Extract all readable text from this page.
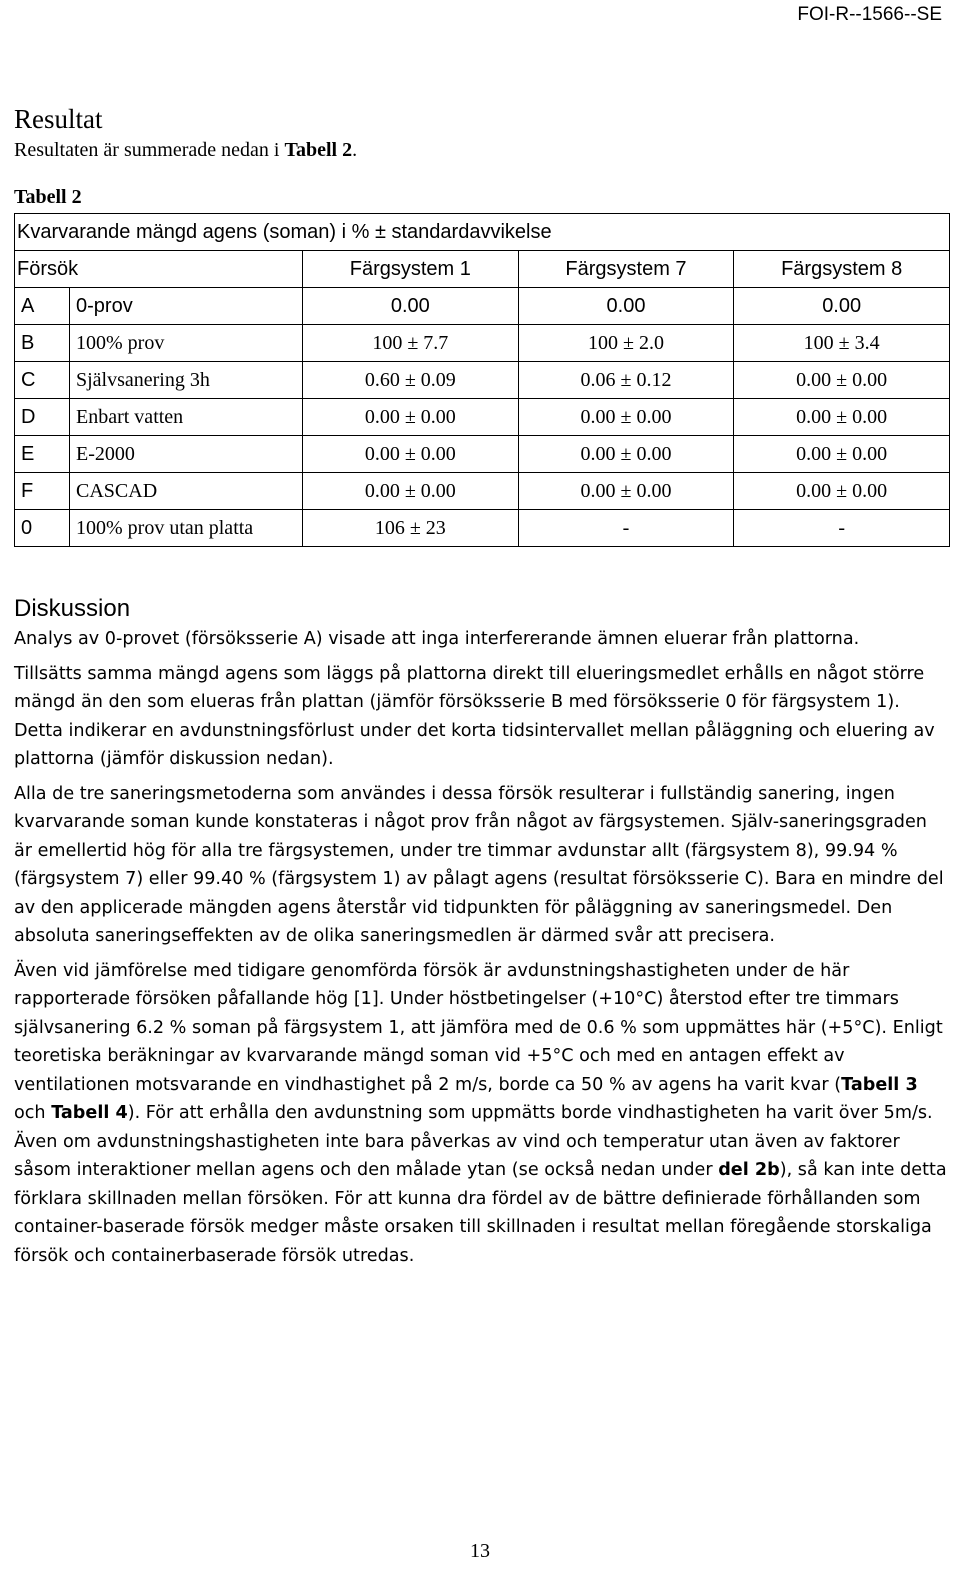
FOI-R--1566--SE
Resultat

Resultaten är summerade nedan i Tabell 2.

Tabell 2

Kvarvarande mängd agens (soman) i % ± standardavvikelse				
Försök		Färgsystem 1	Färgsystem 7	Färgsystem 8
A	0-prov	0.00	0.00	0.00
B	100% prov	100 ± 7.7	100 ± 2.0	100 ± 3.4
C	Självsanering 3h	0.60 ± 0.09	0.06 ± 0.12	0.00 ± 0.00
D	Enbart vatten	0.00 ± 0.00	0.00 ± 0.00	0.00 ± 0.00
E	E-2000	0.00 ± 0.00	0.00 ± 0.00	0.00 ± 0.00
F	CASCAD	0.00 ± 0.00	0.00 ± 0.00	0.00 ± 0.00
0	100% prov utan platta	106 ± 23	-	-
Diskussion

Analys av 0-provet (försöksserie A) visade att inga interfererande ämnen eluerar från plattorna.

Tillsätts samma mängd agens som läggs på plattorna direkt till elueringsmedlet erhålls en något större mängd än den som elueras från plattan (jämför försöksserie B med försöksserie 0 för färgsystem 1). Detta indikerar en avdunstningsförlust under det korta tidsintervallet mellan påläggning och eluering av plattorna (jämför diskussion nedan).

Alla de tre saneringsmetoderna som användes i dessa försök resulterar i fullständig sanering, ingen kvarvarande soman kunde konstateras i något prov från något av färgsystemen. Själv-saneringsgraden är emellertid hög för alla tre färgsystemen, under tre timmar avdunstar allt (färgsystem 8), 99.94 % (färgsystem 7) eller 99.40 % (färgsystem 1) av pålagt agens (resultat försöksserie C). Bara en mindre del av den applicerade mängden agens återstår vid tidpunkten för påläggning av saneringsmedel. Den absoluta saneringseffekten av de olika saneringsmedlen är därmed svår att precisera.

Även vid jämförelse med tidigare genomförda försök är avdunstningshastigheten under de här rapporterade försöken påfallande hög [1]. Under höstbetingelser (+10°C) återstod efter tre timmars självsanering 6.2 % soman på färgsystem 1, att jämföra med de 0.6 % som uppmättes här (+5°C). Enligt teoretiska beräkningar av kvarvarande mängd soman vid +5°C och med en antagen effekt av ventilationen motsvarande en vindhastighet på 2 m/s, borde ca 50 % av agens ha varit kvar (Tabell 3 och Tabell 4). För att erhålla den avdunstning som uppmätts borde vindhastigheten ha varit över 5m/s. Även om avdunstningshastigheten inte bara påverkas av vind och temperatur utan även av faktorer såsom interaktioner mellan agens och den målade ytan (se också nedan under del 2b), så kan inte detta förklara skillnaden mellan försöken. För att kunna dra fördel av de bättre definierade förhållanden som container-baserade försök medger måste orsaken till skillnaden i resultat mellan föregående storskaliga försök och containerbaserade försök utredas.

13
